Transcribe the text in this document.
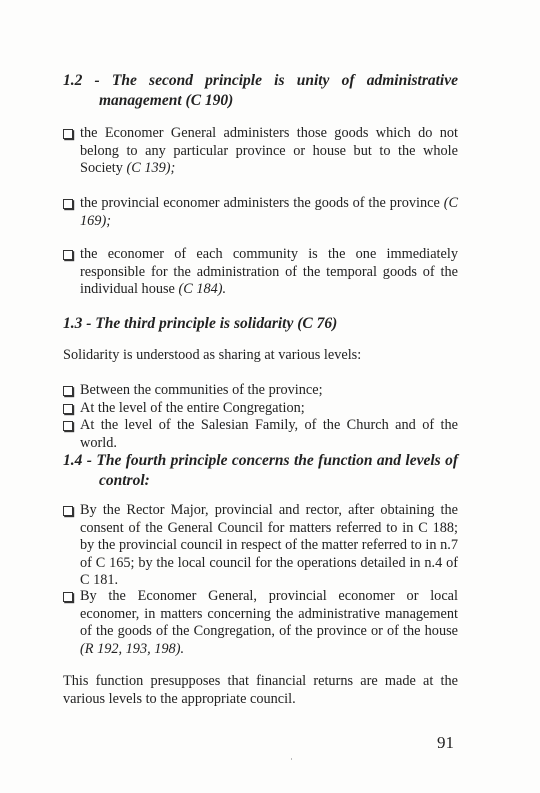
1.2 - The second principle is unity of administrative
management (C 190)
the Economer General administers those goods which do not belong to any particular province or house but to the whole Society (C 139);
the provincial economer administers the goods of the province (C 169);
the economer of each community is the one immediately responsible for the administration of the temporal goods of the individual house (C 184).
1.3 - The third principle is solidarity (C 76)
Solidarity is understood as sharing at various levels:
Between the communities of the province;
At the level of the entire Congregation;
At the level of the Salesian Family, of the Church and of the world.
1.4 - The fourth principle concerns the function and levels of
control:
By the Rector Major, provincial and rector, after obtaining the consent of the General Council for matters referred to in C 188; by the provincial council in respect of the matter referred to in n.7 of C 165; by the local council for the operations detailed in n.4 of C 181.
By the Economer General, provincial economer or local economer, in matters concerning the administrative management of the goods of the Congregation, of the province or of the house (R 192, 193, 198).
This function presupposes that financial returns are made at the various levels to the appropriate council.
91
